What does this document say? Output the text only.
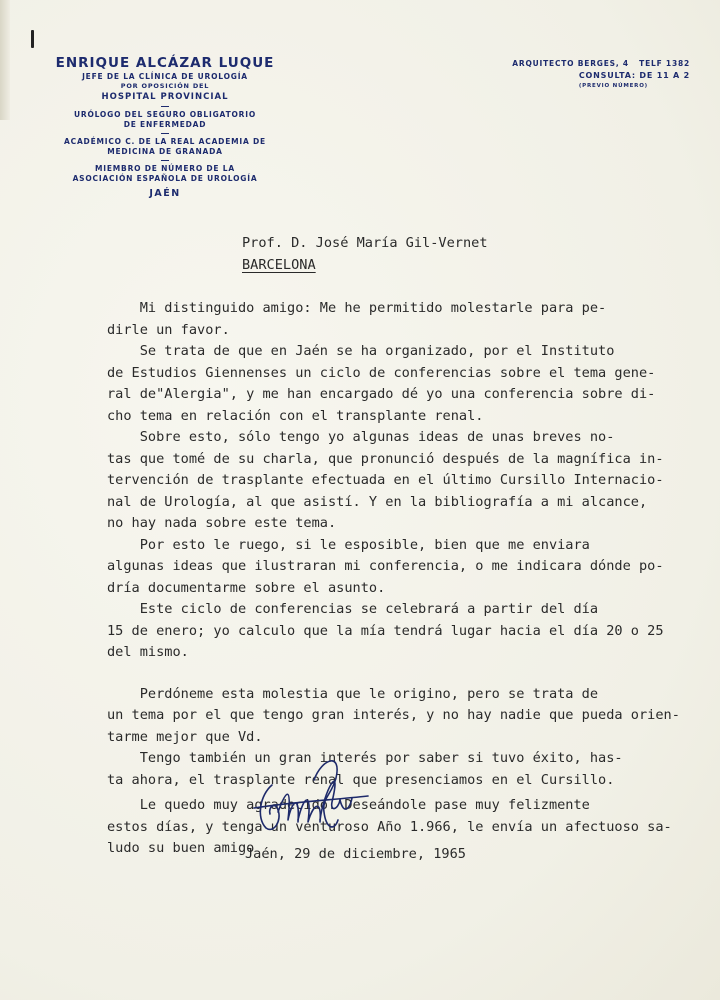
ENRIQUE ALCÁZAR LUQUE
JEFE DE LA CLÍNICA DE UROLOGÍA
POR OPOSICIÓN DEL
HOSPITAL PROVINCIAL
URÓLOGO DEL SEGURO OBLIGATORIO
DE ENFERMEDAD
ACADÉMICO C. DE LA REAL ACADEMIA DE
MEDICINA DE GRANADA
MIEMBRO DE NÚMERO DE LA
ASOCIACIÓN ESPAÑOLA DE UROLOGÍA
JAÉN
ARQUITECTO BERGES, 4   TELF 1382
CONSULTA: DE 11 A 2
(PREVIO NÚMERO)
Prof. D. José María Gil-Vernet
BARCELONA
Mi distinguido amigo: Me he permitido molestarle para pe-
dirle un favor.
Se trata de que en Jaén se ha organizado, por el Instituto
de Estudios Giennenses un ciclo de conferencias sobre el tema gene-
ral de"Alergia", y me han encargado dé yo una conferencia sobre di-
cho tema en relación con el transplante renal.
Sobre esto, sólo tengo yo algunas ideas de unas breves no-
tas que tomé de su charla, que pronunció después de la magnífica in-
tervención de trasplante efectuada en el último Cursillo Internacio-
nal de Urología, al que asistí. Y en la bibliografía a mi alcance,
no hay nada sobre este tema.
Por esto le ruego, si le esposible, bien que me enviara
algunas ideas que ilustraran mi conferencia, o me indicara dónde po-
dría documentarme sobre el asunto.
Este ciclo de conferencias se celebrará a partir del día
15 de enero; yo calculo que la mía tendrá lugar hacia el día 20 o 25
del mismo.
Perdóneme esta molestia que le origino, pero se trata de
un tema por el que tengo gran interés, y no hay nadie que pueda orien-
tarme mejor que Vd.
Tengo también un gran interés por saber si tuvo éxito, has-
ta ahora, el trasplante renal que presenciamos en el Cursillo.
Le quedo muy agradecido. Deseándole pase muy felizmente
estos días, y tenga un venturoso Año 1.966, le envía un afectuoso sa-
ludo su buen amigo
Jaén, 29 de diciembre, 1965
